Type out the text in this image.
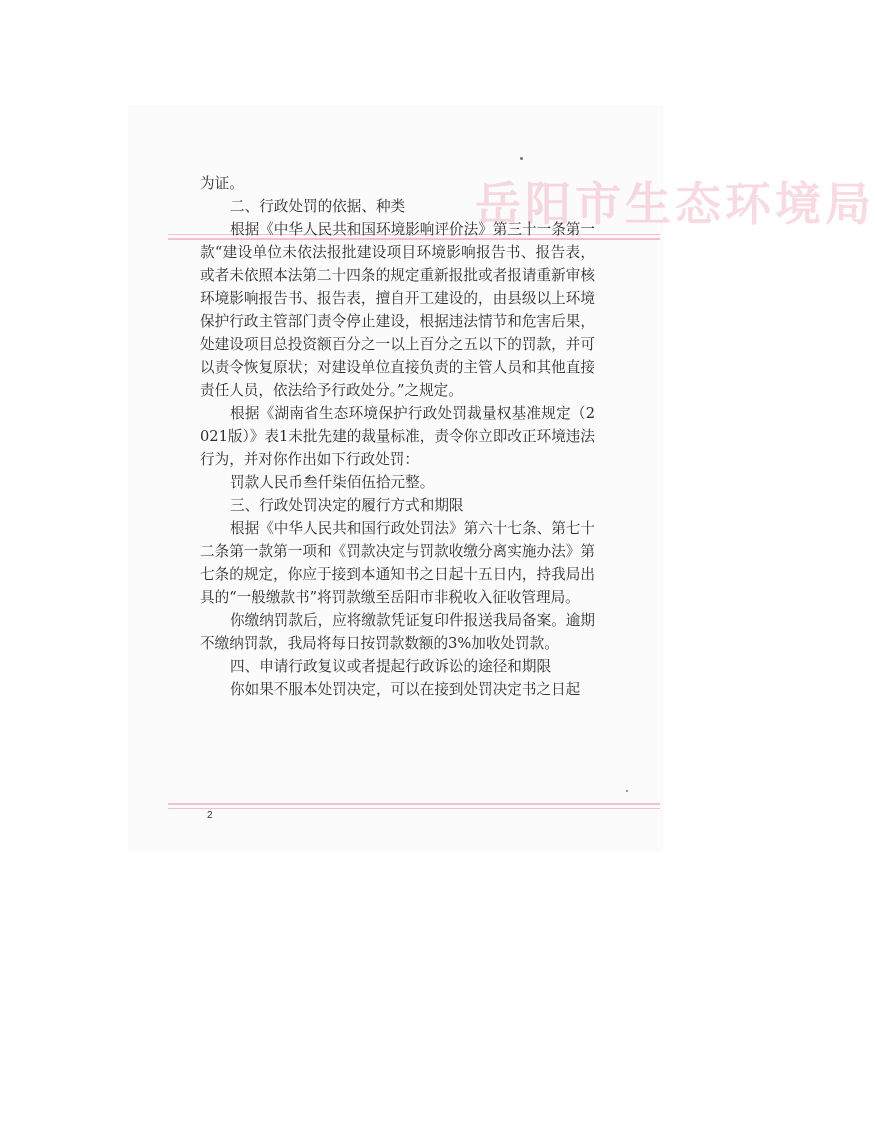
岳阳市生态环境局

为证。

二、行政处罚的依据、种类

根据《中华人民共和国环境影响评价法》第三十一条第一款“建设单位未依法报批建设项目环境影响报告书、报告表，或者未依照本法第二十四条的规定重新报批或者报请重新审核环境影响报告书、报告表，擅自开工建设的，由县级以上环境保护行政主管部门责令停止建设，根据违法情节和危害后果，处建设项目总投资额百分之一以上百分之五以下的罚款，并可以责令恢复原状；对建设单位直接负责的主管人员和其他直接责任人员，依法给予行政处分。”之规定。

根据《湖南省生态环境保护行政处罚裁量权基准规定（2021版）》表1未批先建的裁量标准，责令你立即改正环境违法行为，并对你作出如下行政处罚：

罚款人民币叁仟柒佰伍拾元整。

三、行政处罚决定的履行方式和期限

根据《中华人民共和国行政处罚法》第六十七条、第七十二条第一款第一项和《罚款决定与罚款收缴分离实施办法》第七条的规定，你应于接到本通知书之日起十五日内，持我局出具的“一般缴款书”将罚款缴至岳阳市非税收入征收管理局。

你缴纳罚款后，应将缴款凭证复印件报送我局备案。逾期不缴纳罚款，我局将每日按罚款数额的3%加收处罚款。

四、申请行政复议或者提起行政诉讼的途径和期限

你如果不服本处罚决定，可以在接到处罚决定书之日起

2
